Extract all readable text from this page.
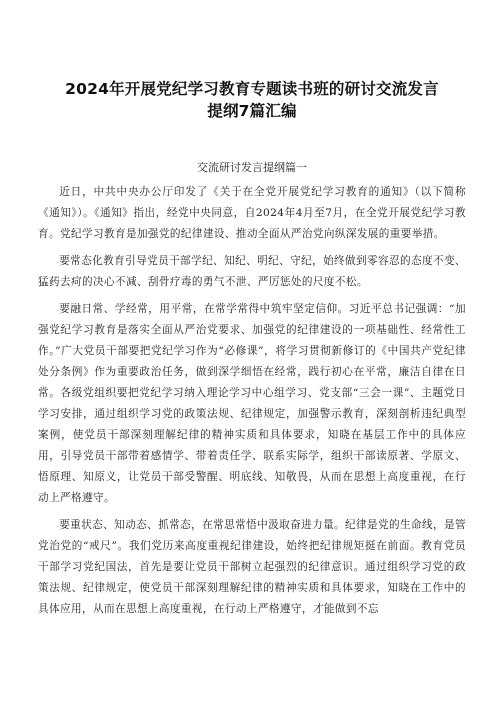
2024年开展党纪学习教育专题读书班的研讨交流发言
提纲7篇汇编
交流研讨发言提纲篇一

近日，中共中央办公厅印发了《关于在全党开展党纪学习教育的通知》（以下简称《通知》）。《通知》指出，经党中央同意，自2024年4月至7月，在全党开展党纪学习教育。党纪学习教育是加强党的纪律建设、推动全面从严治党向纵深发展的重要举措。

要常态化教育引导党员干部学纪、知纪、明纪、守纪，始终做到零容忍的态度不变、猛药去疴的决心不减、刮骨疗毒的勇气不泄、严厉惩处的尺度不松。

要融日常、学经常，用平常，在常学常得中筑牢坚定信仰。习近平总书记强调：“加强党纪学习教育是落实全面从严治党要求、加强党的纪律建设的一项基础性、经常性工作。”广大党员干部要把党纪学习作为“必修课”，将学习贯彻新修订的《中国共产党纪律处分条例》作为重要政治任务，做到深学细悟在经常，践行初心在平常，廉洁自律在日常。各级党组织要把党纪学习纳入理论学习中心组学习、党支部“三会一课”、主题党日学习安排，通过组织学习党的政策法规、纪律规定，加强警示教育，深刻剖析违纪典型案例，使党员干部深刻理解纪律的精神实质和具体要求，知晓在基层工作中的具体应用，引导党员干部带着感情学、带着责任学、联系实际学，组织干部读原著、学原文、悟原理、知原义，让党员干部受警醒、明底线、知敬畏，从而在思想上高度重视，在行动上严格遵守。

要重状态、知动态、抓常态，在常思常悟中汲取奋进力量。纪律是党的生命线，是管党治党的“戒尺”。我们党历来高度重视纪律建设，始终把纪律规矩挺在前面。教育党员干部学习党纪国法，首先是要让党员干部树立起强烈的纪律意识。通过组织学习党的政策法规、纪律规定，使党员干部深刻理解纪律的精神实质和具体要求，知晓在工作中的具体应用，从而在思想上高度重视，在行动上严格遵守，才能做到不忘
